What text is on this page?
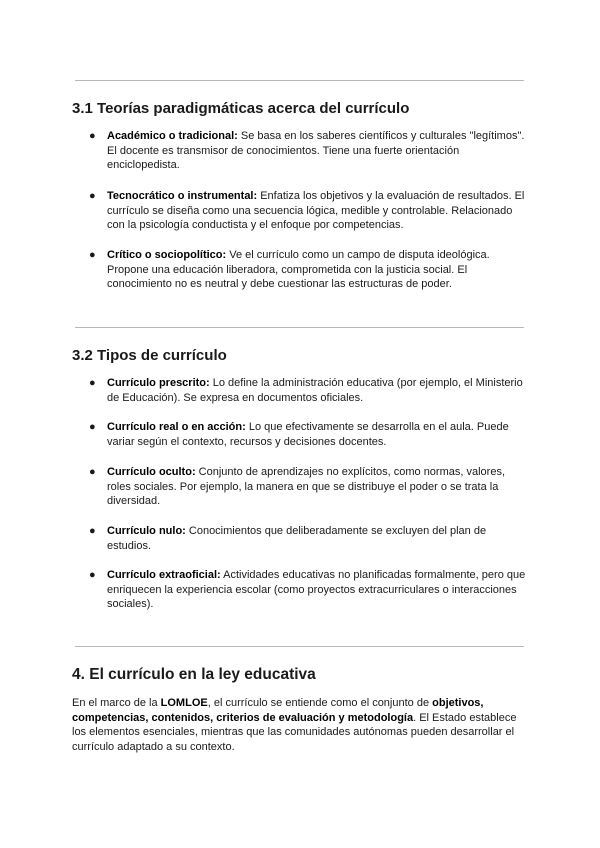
3.1 Teorías paradigmáticas acerca del currículo
● Académico o tradicional: Se basa en los saberes científicos y culturales "legítimos". El docente es transmisor de conocimientos. Tiene una fuerte orientación enciclopedista.
● Tecnocrático o instrumental: Enfatiza los objetivos y la evaluación de resultados. El currículo se diseña como una secuencia lógica, medible y controlable. Relacionado con la psicología conductista y el enfoque por competencias.
● Crítico o sociopolítico: Ve el currículo como un campo de disputa ideológica. Propone una educación liberadora, comprometida con la justicia social. El conocimiento no es neutral y debe cuestionar las estructuras de poder.
3.2 Tipos de currículo
● Currículo prescrito: Lo define la administración educativa (por ejemplo, el Ministerio de Educación). Se expresa en documentos oficiales.
● Currículo real o en acción: Lo que efectivamente se desarrolla en el aula. Puede variar según el contexto, recursos y decisiones docentes.
● Currículo oculto: Conjunto de aprendizajes no explícitos, como normas, valores, roles sociales. Por ejemplo, la manera en que se distribuye el poder o se trata la diversidad.
● Currículo nulo: Conocimientos que deliberadamente se excluyen del plan de estudios.
● Currículo extraoficial: Actividades educativas no planificadas formalmente, pero que enriquecen la experiencia escolar (como proyectos extracurriculares o interacciones sociales).
4. El currículo en la ley educativa
En el marco de la LOMLOE, el currículo se entiende como el conjunto de objetivos, competencias, contenidos, criterios de evaluación y metodología. El Estado establece los elementos esenciales, mientras que las comunidades autónomas pueden desarrollar el currículo adaptado a su contexto.
